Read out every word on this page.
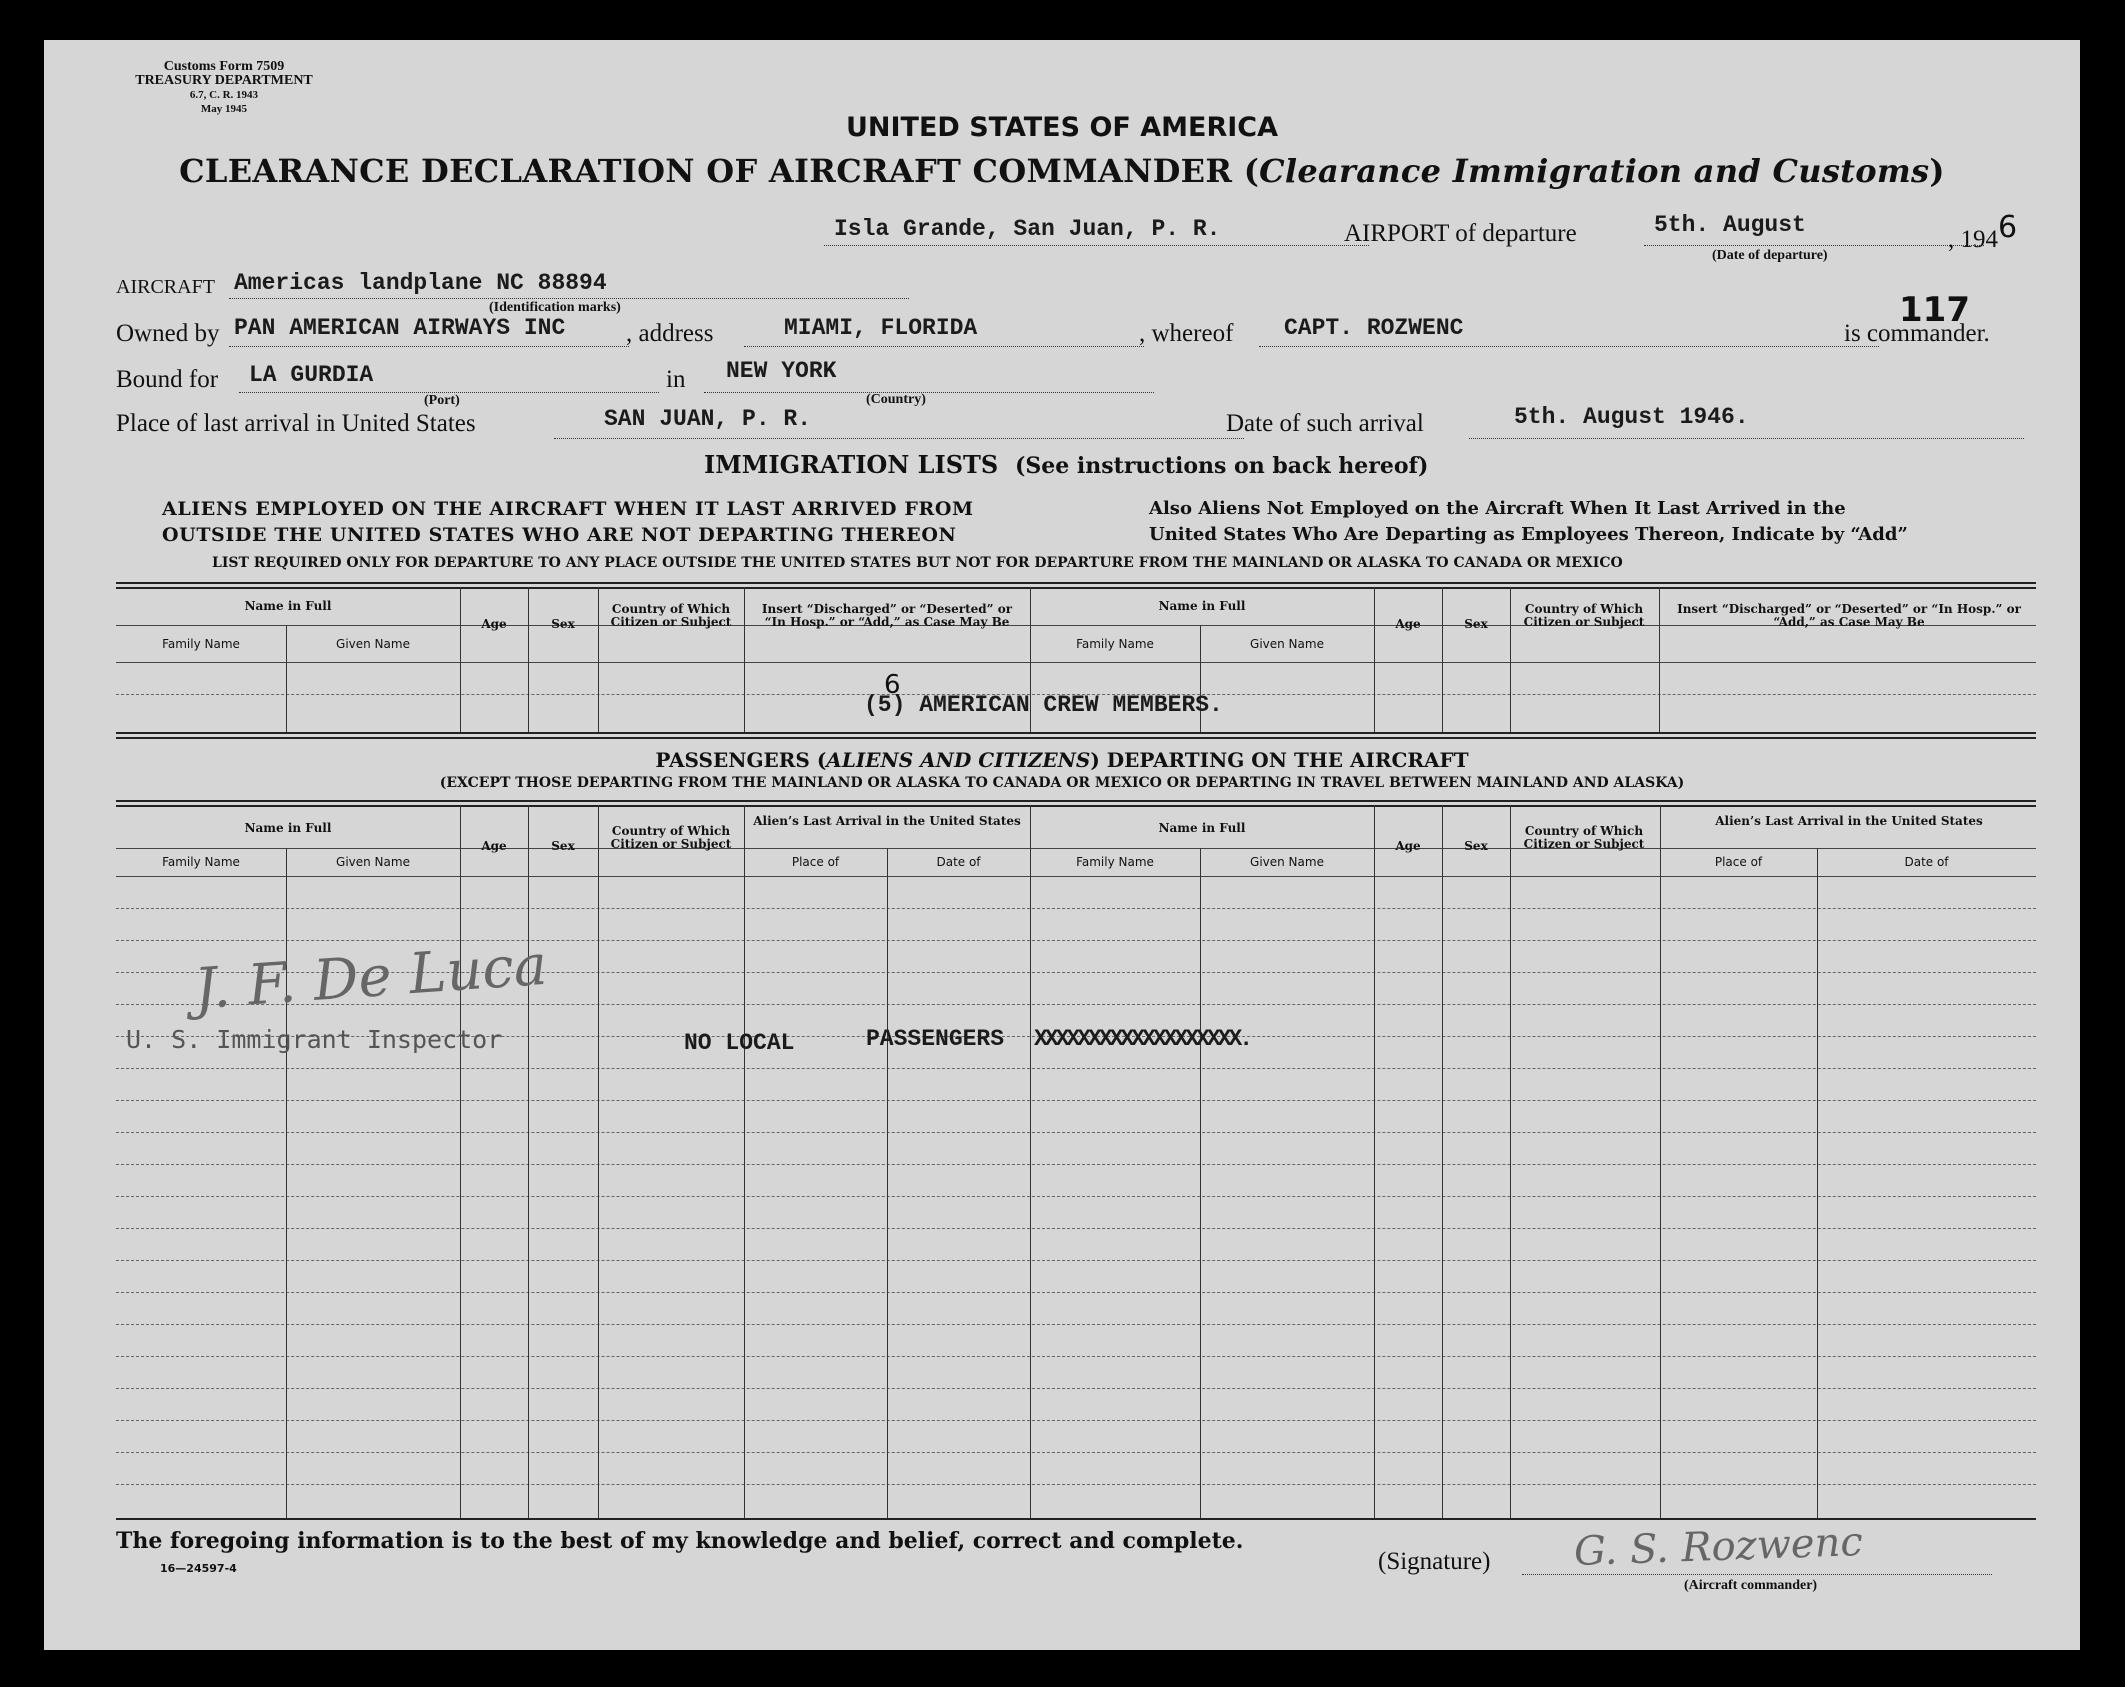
Customs Form 7509
TREASURY DEPARTMENT
6.7, C. R. 1943
May 1945
UNITED STATES OF AMERICA
CLEARANCE DECLARATION OF AIRCRAFT COMMANDER (Clearance Immigration and Customs)
Isla Grande, San Juan, P. R.	AIRPORT of departure	5th. August
(Date of departure)
, 1946
AIRCRAFT Americas landplane NC 88894
(Identification marks)
Owned by PAN AMERICAN AIRWAYS INC , address	MIAMI, FLORIDA	, whereof CAPT. ROZWENC	117
is commander.
Bound for LA GURDIA
(Port)
in NEW YORK
(Country)
Place of last arrival in United States	SAN JUAN, P. R.	Date of such arrival	5th. August 1946.
IMMIGRATION LISTS (See instructions on back hereof)
ALIENS EMPLOYED ON THE AIRCRAFT WHEN IT LAST ARRIVED FROM
OUTSIDE THE UNITED STATES WHO ARE NOT DEPARTING THEREON
Also Aliens Not Employed on the Aircraft When It Last Arrived in the
United States Who Are Departing as Employees Thereon, Indicate by “Add”
LIST REQUIRED ONLY FOR DEPARTURE TO ANY PLACE OUTSIDE THE UNITED STATES BUT NOT FOR DEPARTURE FROM THE MAINLAND OR ALASKA TO CANADA OR MEXICO
Name in Full
Family Name	Given Name
Age	Sex
Country of Which Citizen or Subject
Insert “Discharged” or “Deserted” or “In Hosp.” or “Add,” as Case May Be
Name in Full
Family Name	Given Name
Age	Sex
Country of Which Citizen or Subject
Insert “Discharged” or “Deserted” or “In Hosp.” or “Add,” as Case May Be
6
(5) AMERICAN CREW MEMBERS.
PASSENGERS (ALIENS AND CITIZENS) DEPARTING ON THE AIRCRAFT
(EXCEPT THOSE DEPARTING FROM THE MAINLAND OR ALASKA TO CANADA OR MEXICO OR DEPARTING IN TRAVEL BETWEEN MAINLAND AND ALASKA)
Name in Full
Family Name	Given Name
Age	Sex
Country of Which Citizen or Subject
Alien’s Last Arrival in the United States
Place of	Date of
Name in Full
Family Name	Given Name
Age	Sex
Country of Which Citizen or Subject
Alien’s Last Arrival in the United States
Place of	Date of
J. F. De Luca
U. S. Immigrant Inspector	NO LOCAL	PASSENGERS XXXXXXXXXXXXXXXXXXX.
The foregoing information is to the best of my knowledge and belief, correct and complete.
16—24597-4	(Signature) G. S. Rozwenc
(Aircraft commander)
